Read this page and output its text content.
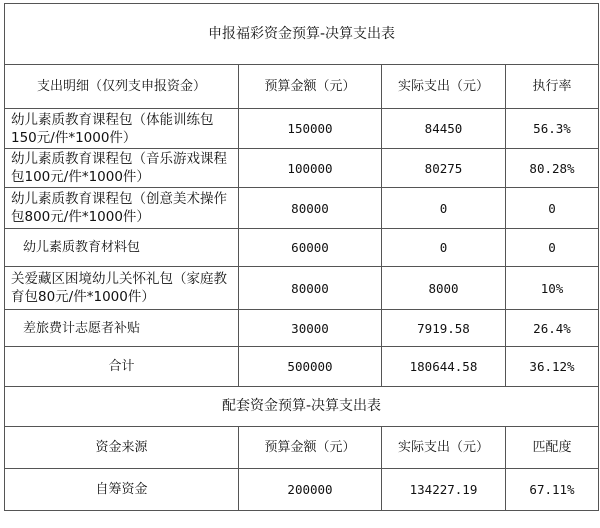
申报福彩资金预算-决算支出表			
支出明细（仅列支申报资金）	预算金额（元）	实际支出（元）	执行率
幼儿素质教育课程包（体能训练包150元/件*1000件）	150000	84450	56.3%
幼儿素质教育课程包（音乐游戏课程包100元/件*1000件）	100000	80275	80.28%
幼儿素质教育课程包（创意美术操作包800元/件*1000件）	80000	0	0
幼儿素质教育材料包	60000	0	0
关爱藏区困境幼儿关怀礼包（家庭教育包80元/件*1000件）	80000	8000	10%
差旅费计志愿者补贴	30000	7919.58	26.4%
合计	500000	180644.58	36.12%
配套资金预算-决算支出表			
资金来源	预算金额（元）	实际支出（元）	匹配度
自筹资金	200000	134227.19	67.11%
